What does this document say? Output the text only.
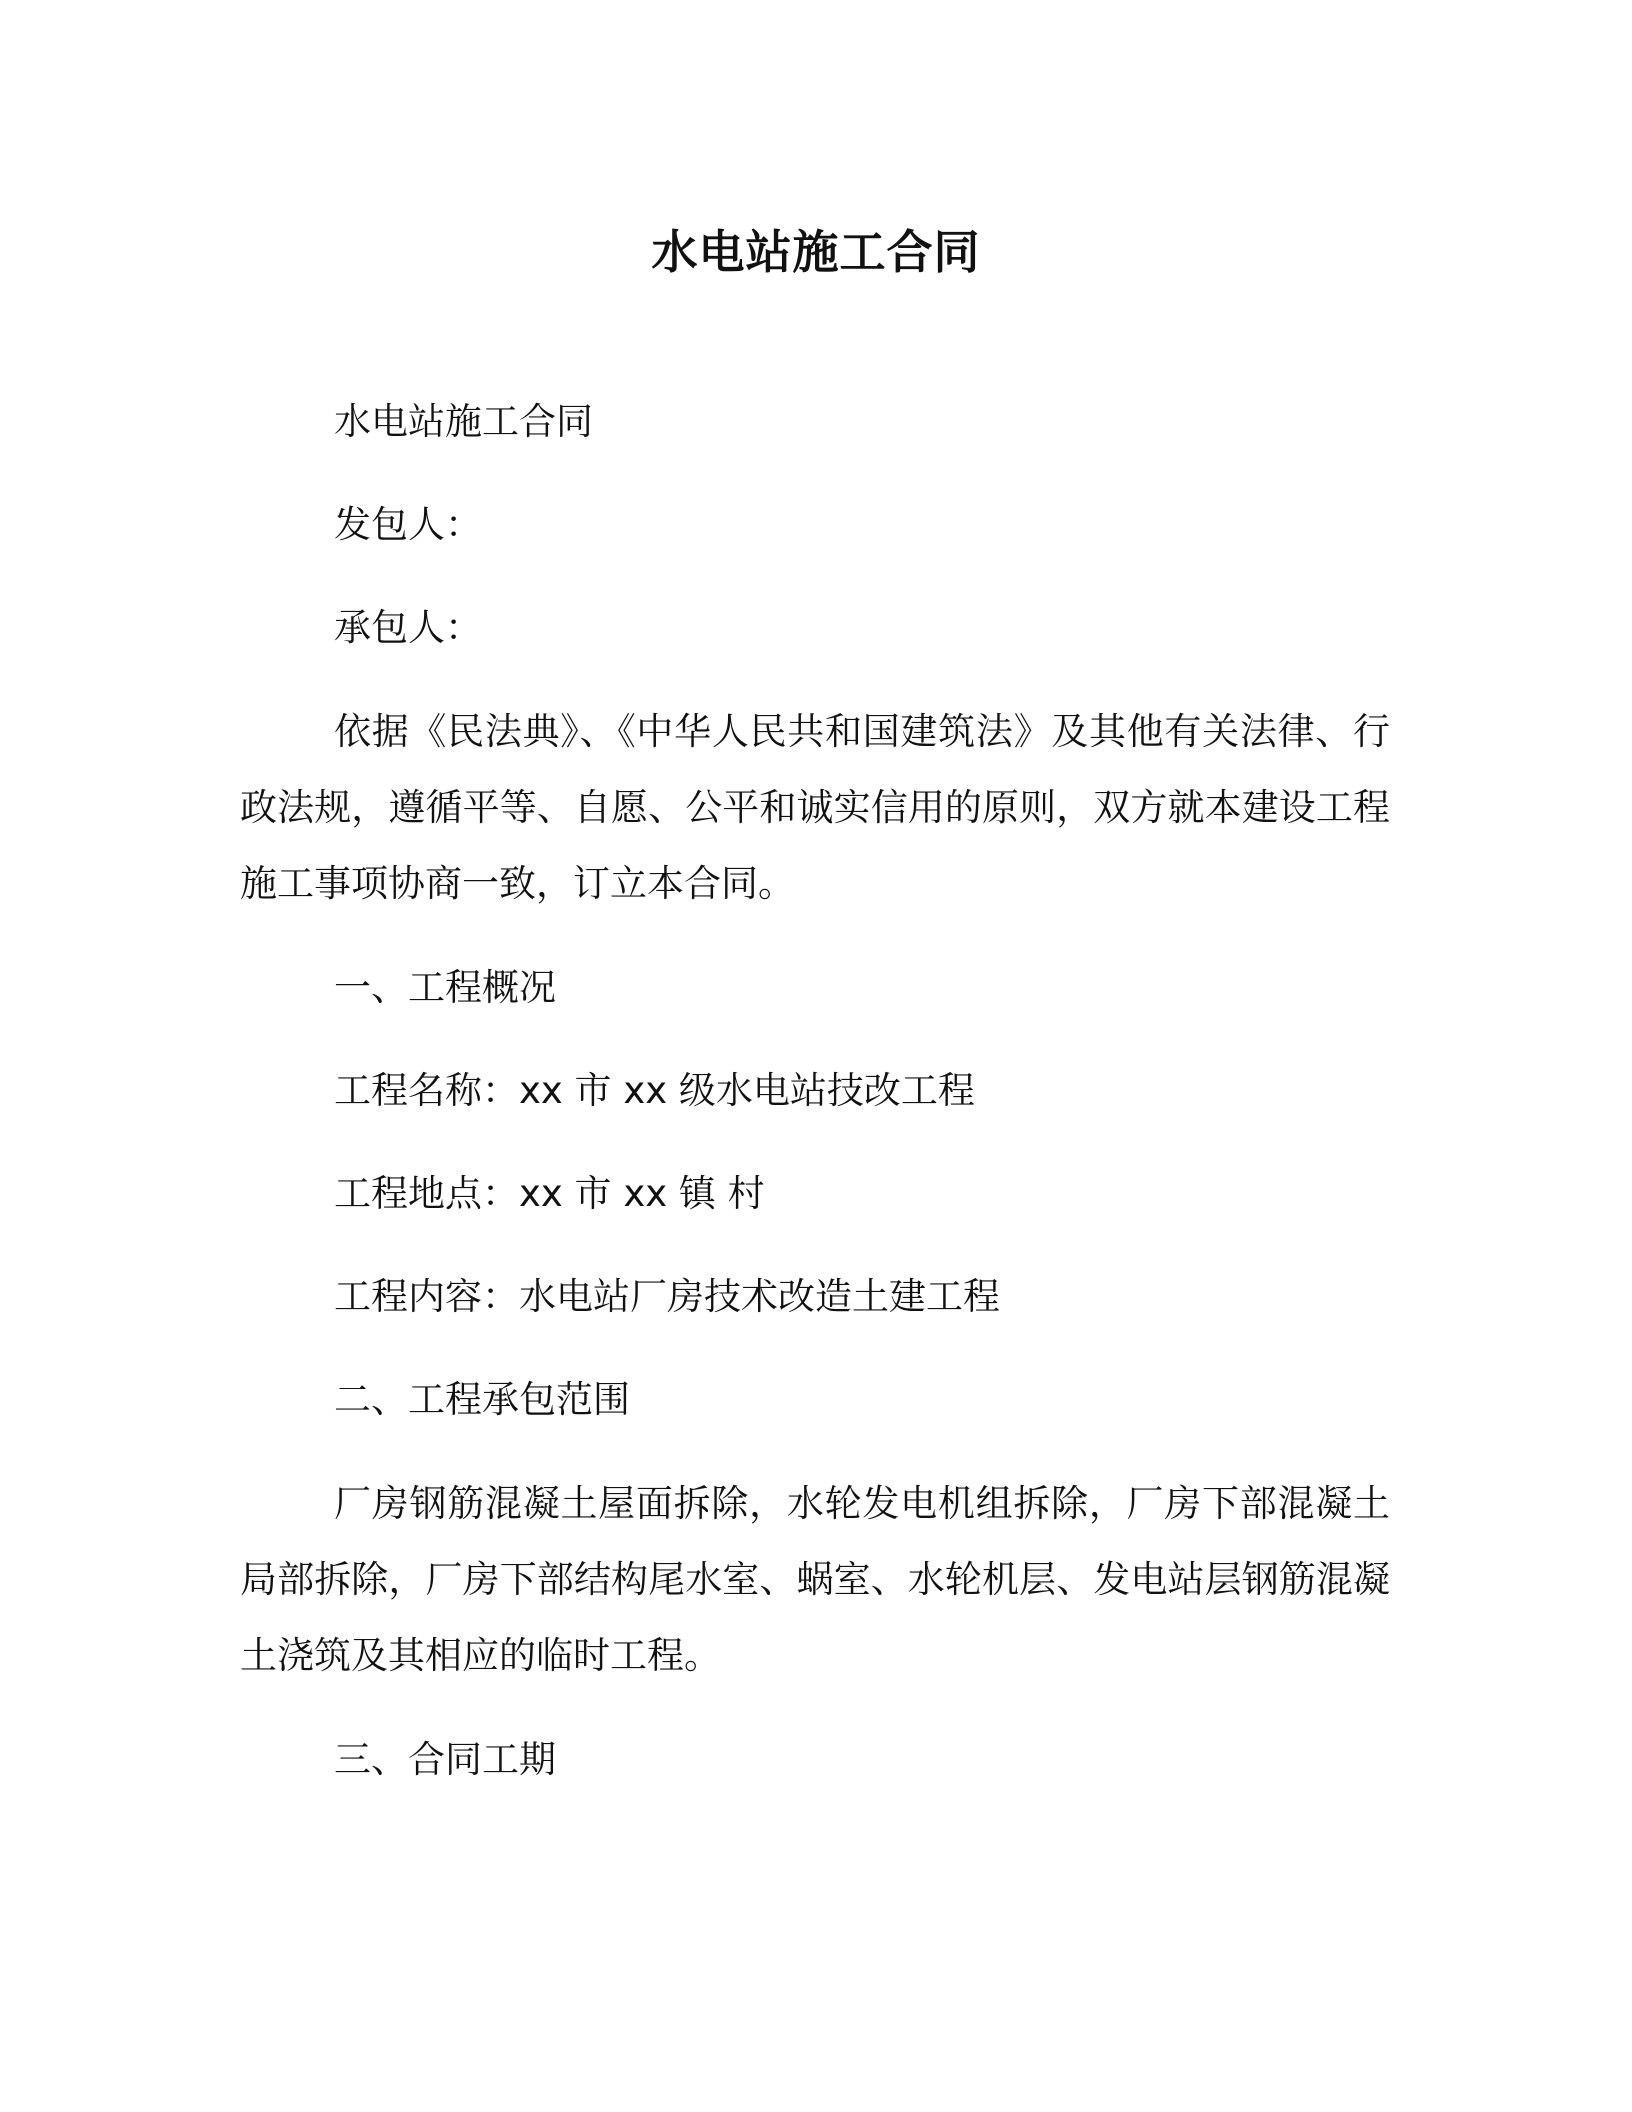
水电站施工合同
水电站施工合同
发包人：
承包人：
依据《民法典》、《中华人民共和国建筑法》及其他有关法律、行政法规，遵循平等、自愿、公平和诚实信用的原则，双方就本建设工程施工事项协商一致，订立本合同。
一、工程概况
工程名称：xx 市 xx 级水电站技改工程
工程地点：xx 市 xx 镇 村
工程内容：水电站厂房技术改造土建工程
二、工程承包范围
厂房钢筋混凝土屋面拆除，水轮发电机组拆除，厂房下部混凝土局部拆除，厂房下部结构尾水室、蜗室、水轮机层、发电站层钢筋混凝土浇筑及其相应的临时工程。
三、合同工期
